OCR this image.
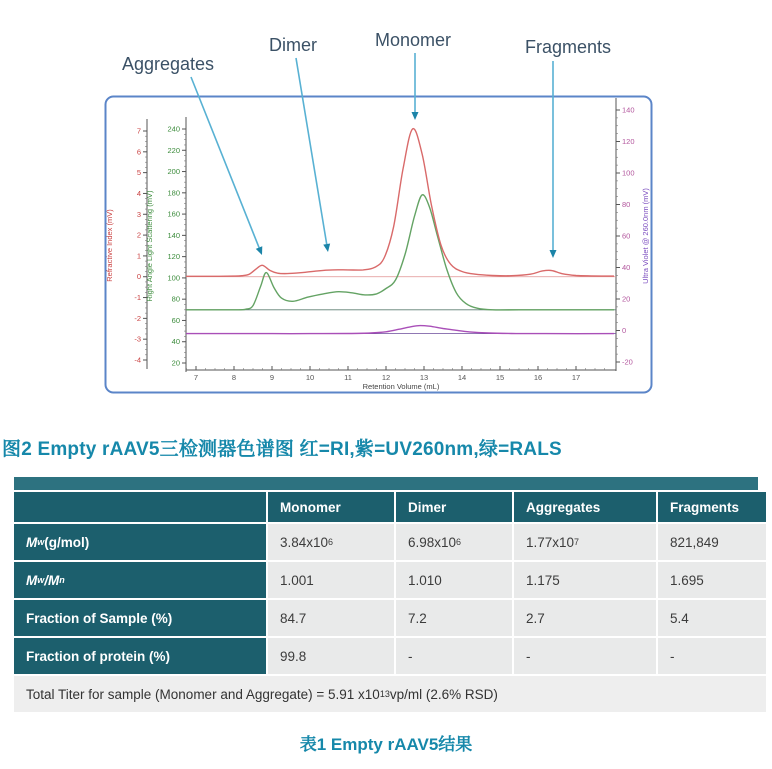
7
6
5
4
3
2
1
0
-1
-2
-3
-4
Refractive Index (mV)
240
220
200
180
160
140
120
100
80
60
40
20
Right Angle Light Scattering (mV)
140
120
100
80
60
40
20
0
-20
Ultra Violet @ 260.0nm (mV)
7	8	9	10	11	12	13	14	15	16	17
Retention Volume (mL)
Aggregates
Dimer	Monomer	Fragments
图2 Empty rAAV5三检测器色谱图 红=RI,紫=UV260nm,绿=RALS
Monomer	Dimer	Aggregates	Fragments
M w (g/mol)	3.84x10 6	6.98x10 6	1.77x10 7	821,849
M w /M n	1.001	1.010	1.175	1.695
Fraction of Sample (%)	84.7	7.2	2.7	5.4
Fraction of protein (%)	99.8	-	-	-
Total Titer for sample (Monomer and Aggregate) = 5.91 x10 13 vp/ml (2.6% RSD)
表1 Empty rAAV5结果
